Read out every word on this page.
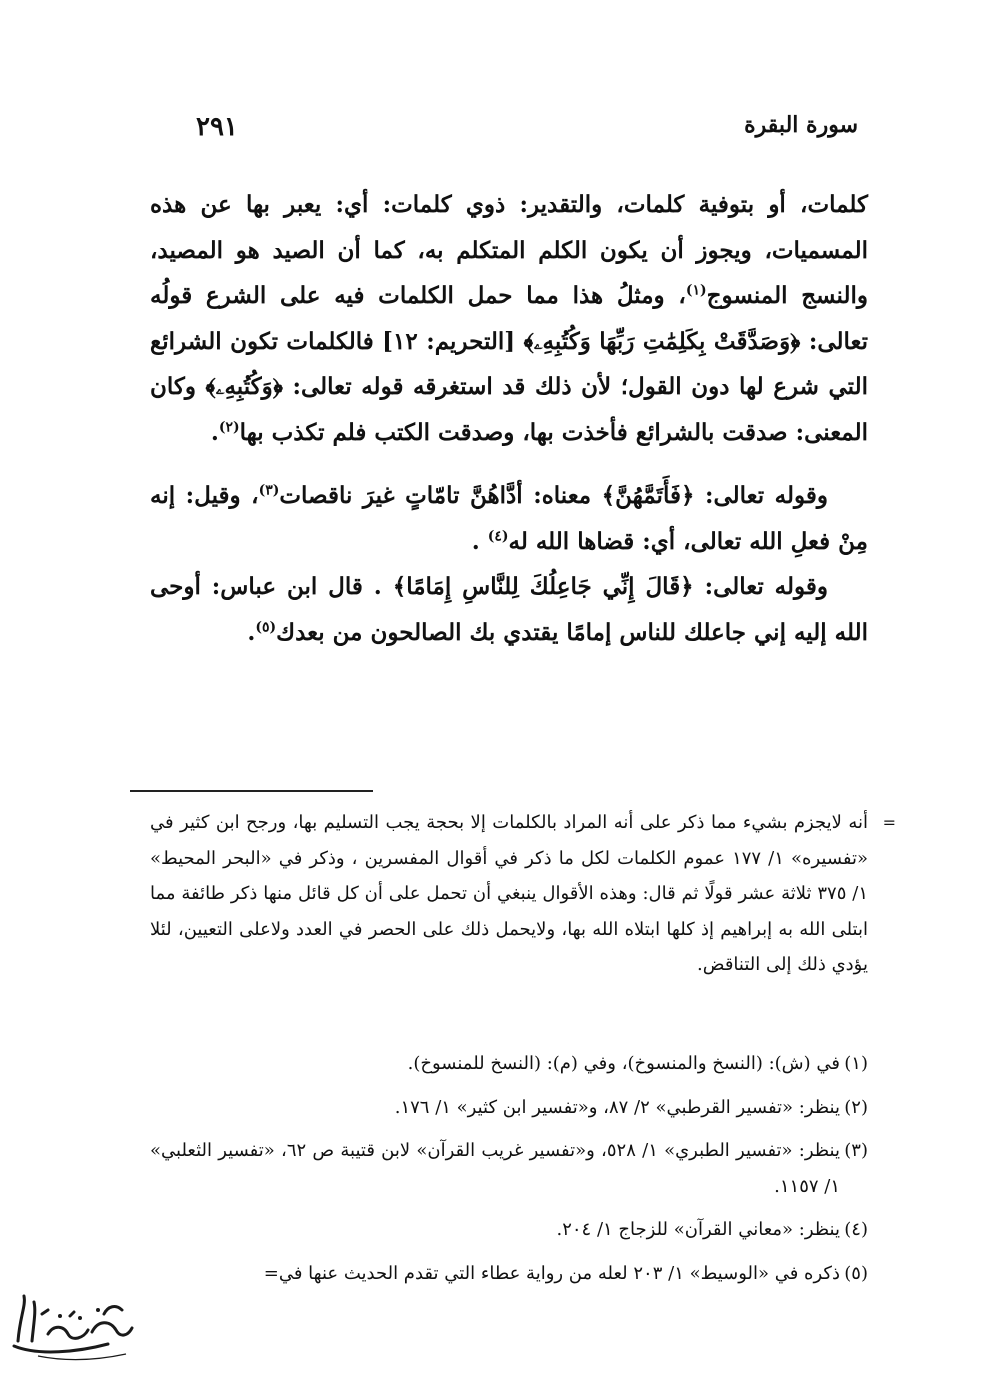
سورة البقرة
٢٩١

كلمات، أو بتوفية كلمات، والتقدير: ذوي كلمات: أي: يعبر بها عن هذه المسميات، ويجوز أن يكون الكلم المتكلم به، كما أن الصيد هو المصيد، والنسج المنسوج$^{(١)}$، ومثلُ هذا مما حمل الكلمات فيه على الشرع قولُه تعالى: ﴿وَصَدَّقَتْ بِكَلِمَٰتِ رَبِّهَا وَكُتُبِهِۦ﴾ [التحريم: ١٢] فالكلمات تكون الشرائع التي شرع لها دون القول؛ لأن ذلك قد استغرقه قوله تعالى: ﴿وَكُتُبِهِۦ﴾ وكان المعنى: صدقت بالشرائع فأخذت بها، وصدقت الكتب فلم تكذب بها$^{(٢)}$.

وقوله تعالى: ﴿فَأَتَمَّهُنَّ﴾ معناه: أدَّاهُنَّ تامّاتٍ غيرَ ناقصات$^{(٣)}$، وقيل: إنه مِنْ فعلِ الله تعالى، أي: قضاها الله له$^{(٤)}$ .

وقوله تعالى: ﴿قَالَ إِنِّي جَاعِلُكَ لِلنَّاسِ إِمَامًا﴾ . قال ابن عباس: أوحى الله إليه إني جاعلك للناس إمامًا يقتدي بك الصالحون من بعدك$^{(٥)}$.

=
أنه لايجزم بشيء مما ذكر على أنه المراد بالكلمات إلا بحجة يجب التسليم بها، ورجح ابن كثير في «تفسيره» ١/ ١٧٧ عموم الكلمات لكل ما ذكر في أقوال المفسرين ، وذكر في «البحر المحيط» ١/ ٣٧٥ ثلاثة عشر قولًا ثم قال: وهذه الأقوال ينبغي أن تحمل على أن كل قائل منها ذكر طائفة مما ابتلى الله به إبراهيم إذ كلها ابتلاه الله بها، ولايحمل ذلك على الحصر في العدد ولاعلى التعيين، لئلا يؤدي ذلك إلى التناقض.
(١)
في (ش): (النسخ والمنسوخ)، وفي (م): (النسخ للمنسوخ).
(٢)
ينظر: «تفسير القرطبي» ٢/ ٨٧، و«تفسير ابن كثير» ١/ ١٧٦.
(٣)
ينظر: «تفسير الطبري» ١/ ٥٢٨، و«تفسير غريب القرآن» لابن قتيبة ص ٦٢، «تفسير الثعلبي» ١/ ١١٥٧.
(٤)
ينظر: «معاني القرآن» للزجاج ١/ ٢٠٤.
(٥)
ذكره في «الوسيط» ١/ ٢٠٣ لعله من رواية عطاء التي تقدم الحديث عنها في=
